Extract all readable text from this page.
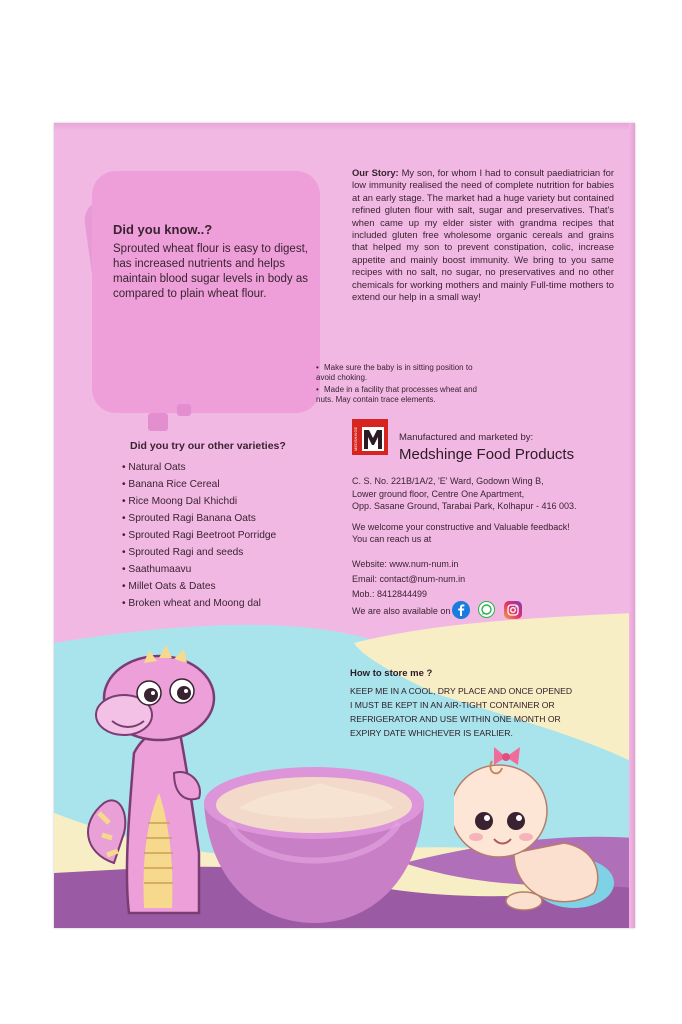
Did you know..?

Sprouted wheat flour is easy to digest, has increased nutrients and helps maintain blood sugar levels in body as compared to plain wheat flour.

Did you try our other varieties?
• Natural Oats
• Banana Rice Cereal
• Rice Moong Dal Khichdi
• Sprouted Ragi Banana Oats
• Sprouted Ragi Beetroot Porridge
• Sprouted Ragi and seeds
• Saathumaavu
• Millet Oats & Dates
• Broken wheat and Moong dal

Our Story: My son, for whom I had to consult paediatrician for low immunity realised the need of complete nutrition for babies at an early stage. The market had a huge variety but contained refined gluten flour with salt, sugar and preservatives. That's when came up my elder sister with grandma recipes that included gluten free wholesome organic cereals and grains that helped my son to prevent constipation, colic, increase appetite and mainly boost immunity. We bring to you same recipes with no salt, no sugar, no preservatives and no other chemicals for working mothers and mainly Full-time mothers to extend our help in a small way!

• Make sure the baby is in sitting position to avoid choking.
• Made in a facility that processes wheat and nuts. May contain trace elements.
MEDSHINGE	Manufactured and marketed by:
Medshinge Food Products

C. S. No. 221B/1A/2, 'E' Ward, Godown Wing B,
Lower ground floor, Centre One Apartment,
Opp. Sasane Ground, Tarabai Park, Kolhapur - 416 003.

We welcome your constructive and Valuable feedback!
You can reach us at

Website: www.num-num.in
Email: contact@num-num.in
Mob.: 8412844499

We are also available on
How to store me ?

KEEP ME IN A COOL, DRY PLACE AND ONCE OPENED
I MUST BE KEPT IN AN AIR-TIGHT CONTAINER OR
REFRIGERATOR AND USE WITHIN ONE MONTH OR
EXPIRY DATE WHICHEVER IS EARLIER.
